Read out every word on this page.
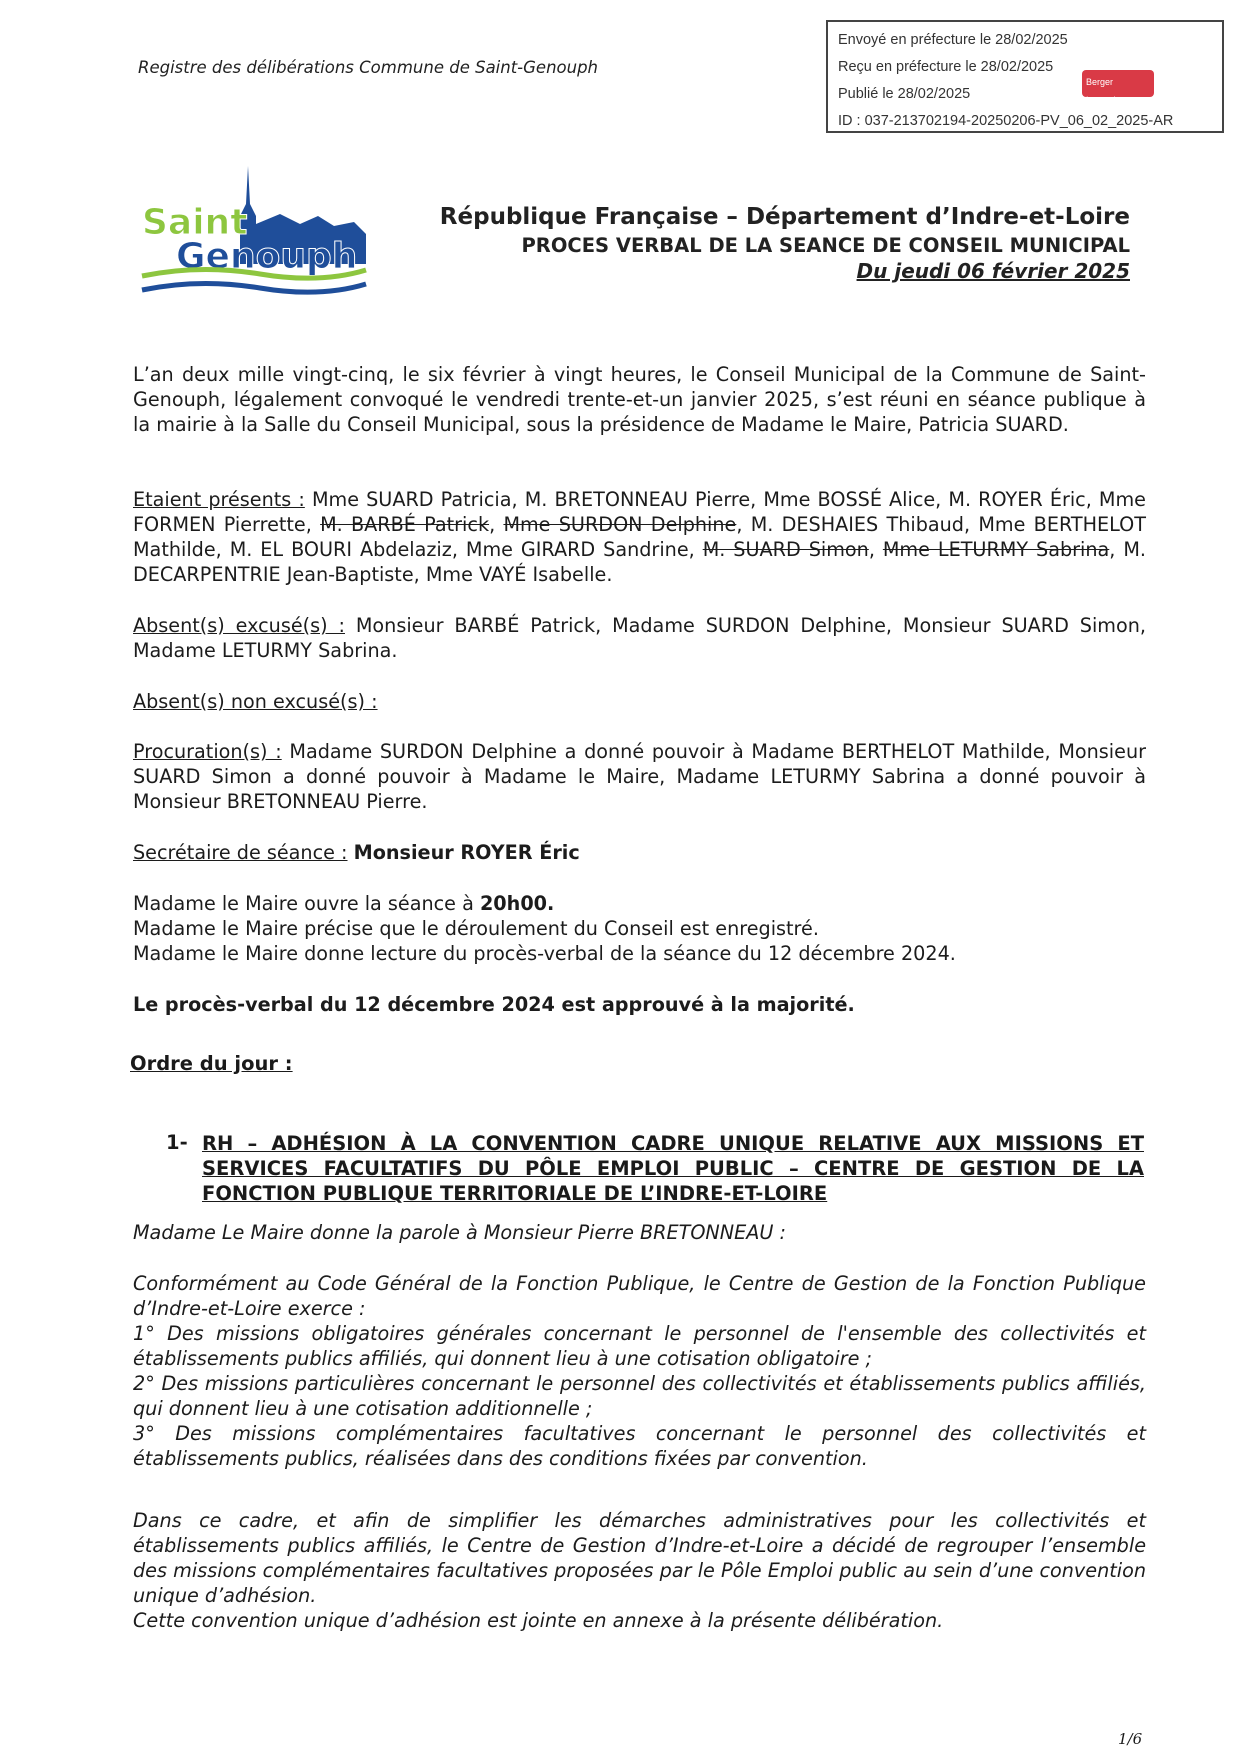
Registre des délibérations Commune de Saint-Genouph
Envoyé en préfecture le 28/02/2025
Reçu en préfecture le 28/02/2025
Publié le 28/02/2025
ID : 037-213702194-20250206-PV_06_02_2025-AR
Berger
Levrault
Saint
Genouph
République Française – Département d’Indre-et-Loire
PROCES VERBAL DE LA SEANCE DE CONSEIL MUNICIPAL
Du jeudi 06 février 2025
L’an deux mille vingt-cinq, le six février à vingt heures, le Conseil Municipal de la Commune de Saint-Genouph, légalement convoqué le vendredi trente-et-un janvier 2025, s’est réuni en séance publique à la mairie à la Salle du Conseil Municipal, sous la présidence de Madame le Maire, Patricia SUARD.
Etaient présents : Mme SUARD Patricia, M. BRETONNEAU Pierre, Mme BOSSÉ Alice, M. ROYER Éric, Mme FORMEN Pierrette, M. BARBÉ Patrick, Mme SURDON Delphine, M. DESHAIES Thibaud, Mme BERTHELOT Mathilde, M. EL BOURI Abdelaziz, Mme GIRARD Sandrine, M. SUARD Simon, Mme LETURMY Sabrina, M. DECARPENTRIE Jean-Baptiste, Mme VAYÉ Isabelle.
Absent(s) excusé(s) : Monsieur BARBÉ Patrick, Madame SURDON Delphine, Monsieur SUARD Simon, Madame LETURMY Sabrina.
Absent(s) non excusé(s) :
Procuration(s) : Madame SURDON Delphine a donné pouvoir à Madame BERTHELOT Mathilde, Monsieur SUARD Simon a donné pouvoir à Madame le Maire, Madame LETURMY Sabrina a donné pouvoir à Monsieur BRETONNEAU Pierre.
Secrétaire de séance : Monsieur ROYER Éric
Madame le Maire ouvre la séance à 20h00.
Madame le Maire précise que le déroulement du Conseil est enregistré.
Madame le Maire donne lecture du procès-verbal de la séance du 12 décembre 2024.
Le procès-verbal du 12 décembre 2024 est approuvé à la majorité.
Ordre du jour :
1- RH – ADHÉSION À LA CONVENTION CADRE UNIQUE RELATIVE AUX MISSIONS ET SERVICES FACULTATIFS DU PÔLE EMPLOI PUBLIC – CENTRE DE GESTION DE LA FONCTION PUBLIQUE TERRITORIALE DE L’INDRE-ET-LOIRE
Madame Le Maire donne la parole à Monsieur Pierre BRETONNEAU :
Conformément au Code Général de la Fonction Publique, le Centre de Gestion de la Fonction Publique d’Indre-et-Loire exerce :
1° Des missions obligatoires générales concernant le personnel de l'ensemble des collectivités et établissements publics affiliés, qui donnent lieu à une cotisation obligatoire ;
2° Des missions particulières concernant le personnel des collectivités et établissements publics affiliés, qui donnent lieu à une cotisation additionnelle ;
3° Des missions complémentaires facultatives concernant le personnel des collectivités et établissements publics, réalisées dans des conditions fixées par convention.
Dans ce cadre, et afin de simplifier les démarches administratives pour les collectivités et établissements publics affiliés, le Centre de Gestion d’Indre-et-Loire a décidé de regrouper l’ensemble des missions complémentaires facultatives proposées par le Pôle Emploi public au sein d’une convention unique d’adhésion.
Cette convention unique d’adhésion est jointe en annexe à la présente délibération.
1/6
